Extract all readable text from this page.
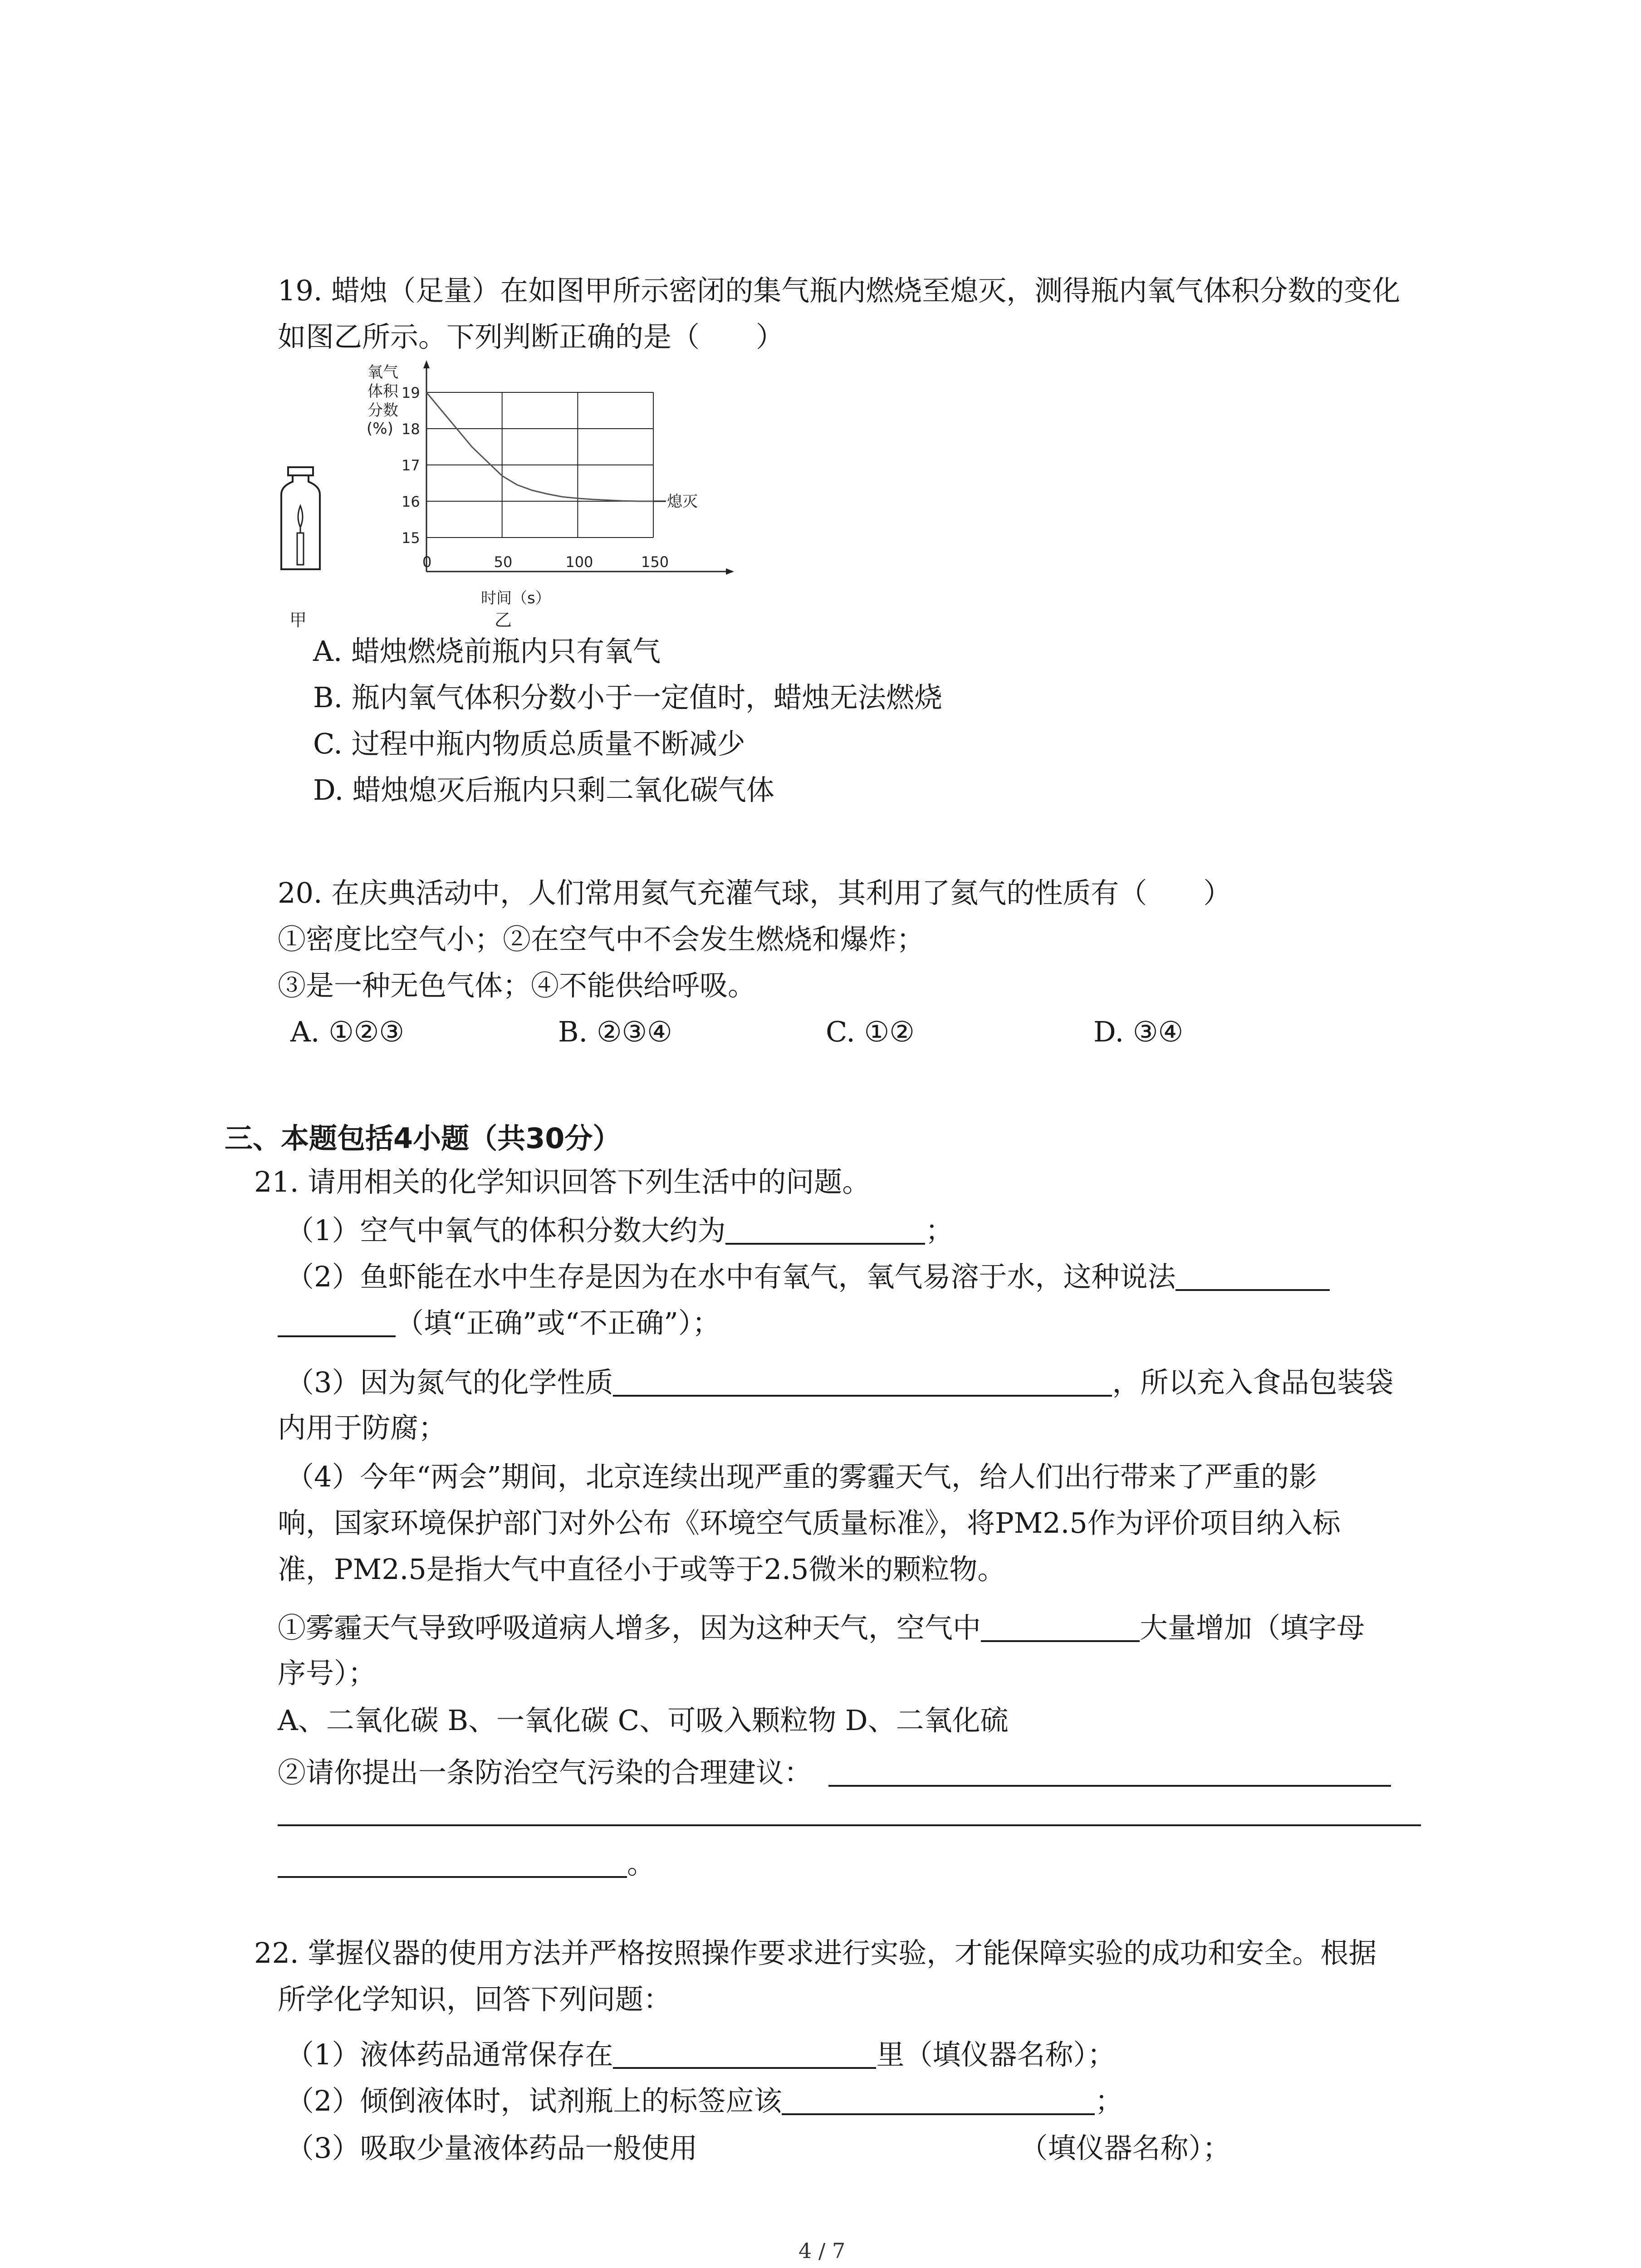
19. 蜡烛（足量）在如图甲所示密闭的集气瓶内燃烧至熄灭，测得瓶内氧气体积分数的变化
如图乙所示。下列判断正确的是（　　）
甲
氧气
体积
分数
(%)
19
18
17
16
15
0	50	100	150
熄灭
时间（s）
乙
A. 蜡烛燃烧前瓶内只有氧气
B. 瓶内氧气体积分数小于一定值时，蜡烛无法燃烧
C. 过程中瓶内物质总质量不断减少
D. 蜡烛熄灭后瓶内只剩二氧化碳气体
20. 在庆典活动中，人们常用氦气充灌气球，其利用了氦气的性质有（　　）
①密度比空气小；②在空气中不会发生燃烧和爆炸；
③是一种无色气体；④不能供给呼吸。
A. ①②③	B. ②③④	C. ①②	D. ③④
三、本题包括4小题（共30分）
21. 请用相关的化学知识回答下列生活中的问题。
（1）空气中氧气的体积分数大约为	；
（2）鱼虾能在水中生存是因为在水中有氧气，氧气易溶于水，这种说法
（填“正确”或“不正确”）；
（3）因为氮气的化学性质	，所以充入食品包装袋
内用于防腐；
（4）今年“两会”期间，北京连续出现严重的雾霾天气，给人们出行带来了严重的影
响，国家环境保护部门对外公布《环境空气质量标准》，将PM2.5作为评价项目纳入标
准，PM2.5是指大气中直径小于或等于2.5微米的颗粒物。
①雾霾天气导致呼吸道病人增多，因为这种天气，空气中	大量增加（填字母
序号）；
A、二氧化碳 B、一氧化碳 C、可吸入颗粒物 D、二氧化硫
②请你提出一条防治空气污染的合理建议：
。
22. 掌握仪器的使用方法并严格按照操作要求进行实验，才能保障实验的成功和安全。根据
所学化学知识，回答下列问题：
（1）液体药品通常保存在	里（填仪器名称）；
（2）倾倒液体时，试剂瓶上的标签应该	；
（3）吸取少量液体药品一般使用	（填仪器名称）；
4 / 7
